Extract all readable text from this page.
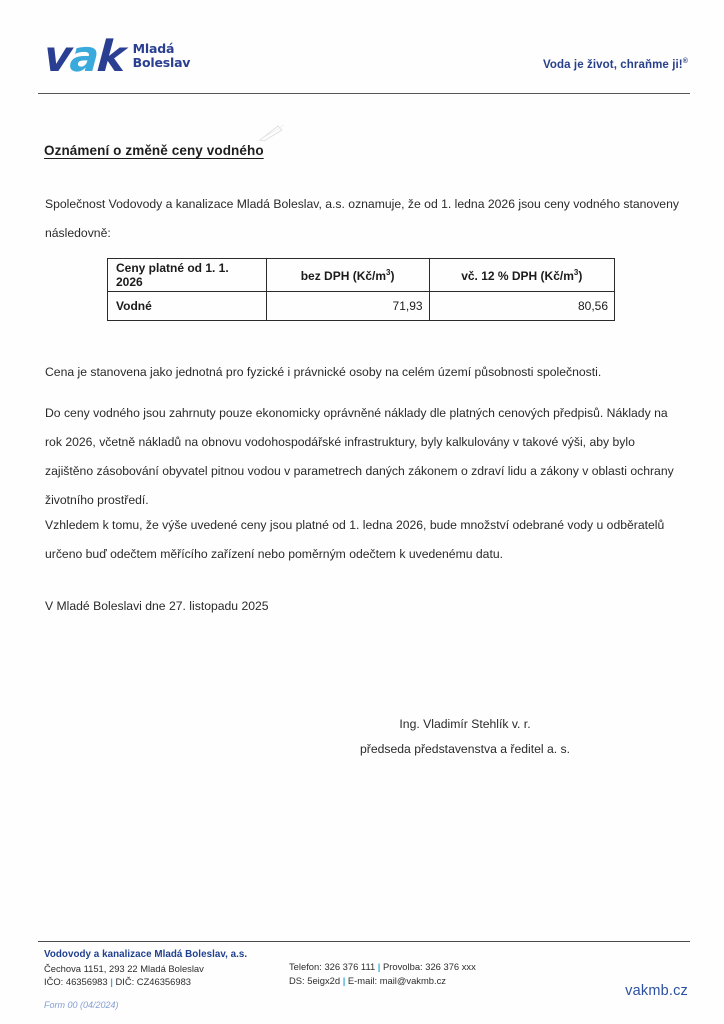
vak Mladá
Boleslav	Voda je život, chraňme ji!®
Oznámení o změně ceny vodného
Společnost Vodovody a kanalizace Mladá Boleslav, a.s. oznamuje, že od 1. ledna 2026 jsou ceny vodného stanoveny následovně:
Ceny platné od 1. 1. 2026	bez DPH $(Kč/m^3)$	vč. 12 % DPH $(Kč/m^3)$
Vodné	71,93	80,56
Cena je stanovena jako jednotná pro fyzické i právnické osoby na celém území působnosti společnosti.
Do ceny vodného jsou zahrnuty pouze ekonomicky oprávněné náklady dle platných cenových předpisů. Náklady na rok 2026, včetně nákladů na obnovu vodohospodářské infrastruktury, byly kalkulovány v takové výši, aby bylo zajištěno zásobování obyvatel pitnou vodou v parametrech daných zákonem o zdraví lidu a zákony v oblasti ochrany životního prostředí.
Vzhledem k tomu, že výše uvedené ceny jsou platné od 1. ledna 2026, bude množství odebrané vody u odběratelů určeno buď odečtem měřícího zařízení nebo poměrným odečtem k uvedenému datu.
V Mladé Boleslavi dne 27. listopadu 2025
Ing. Vladimír Stehlík v. r.
předseda představenstva a ředitel a. s.
Vodovody a kanalizace Mladá Boleslav, a.s.
Čechova 1151, 293 22 Mladá Boleslav
IČO: 46356983 | DIČ: CZ46356983
Telefon: 326 376 111 | Provolba: 326 376 xxx
DS: 5eigx2d | E-mail: mail@vakmb.cz
vakmb.cz
Form 00 (04/2024)
